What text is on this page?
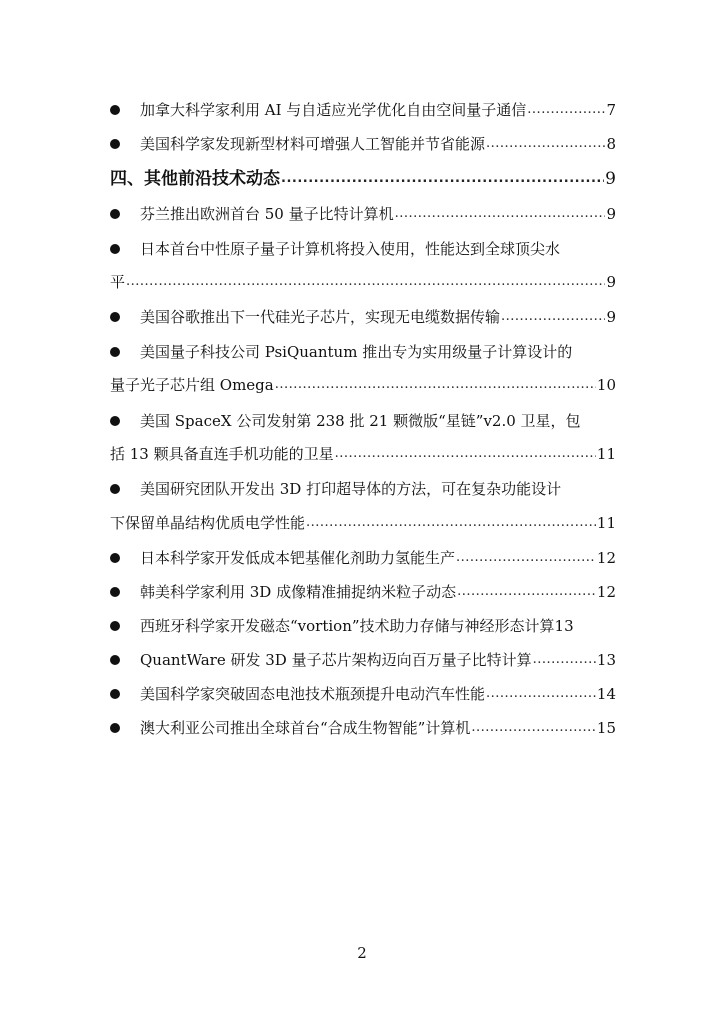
加拿大科学家利用 AI 与自适应光学优化自由空间量子通信 .....	7
美国科学家发现新型材料可增强人工智能并节省能源 .....	8
四、其他前沿技术动态 .....	9
芬兰推出欧洲首台 50 量子比特计算机 .....	9
日本首台中性原子量子计算机将投入使用，性能达到全球顶尖水
平 .....	9
美国谷歌推出下一代硅光子芯片，实现无电缆数据传输 .....	9
美国量子科技公司 PsiQuantum 推出专为实用级量子计算设计的
量子光子芯片组 Omega .....	10
美国 SpaceX 公司发射第 238 批 21 颗微版“星链”v2.0 卫星，包
括 13 颗具备直连手机功能的卫星 .....	11
美国研究团队开发出 3D 打印超导体的方法，可在复杂功能设计
下保留单晶结构优质电学性能 .....	11
日本科学家开发低成本钯基催化剂助力氢能生产 .....	12
韩美科学家利用 3D 成像精准捕捉纳米粒子动态 .....	12
西班牙科学家开发磁态“vortion”技术助力存储与神经形态计算 13
QuantWare 研发 3D 量子芯片架构迈向百万量子比特计算 .....	13
美国科学家突破固态电池技术瓶颈提升电动汽车性能 .....	14
澳大利亚公司推出全球首台“合成生物智能”计算机 .....	15
2
